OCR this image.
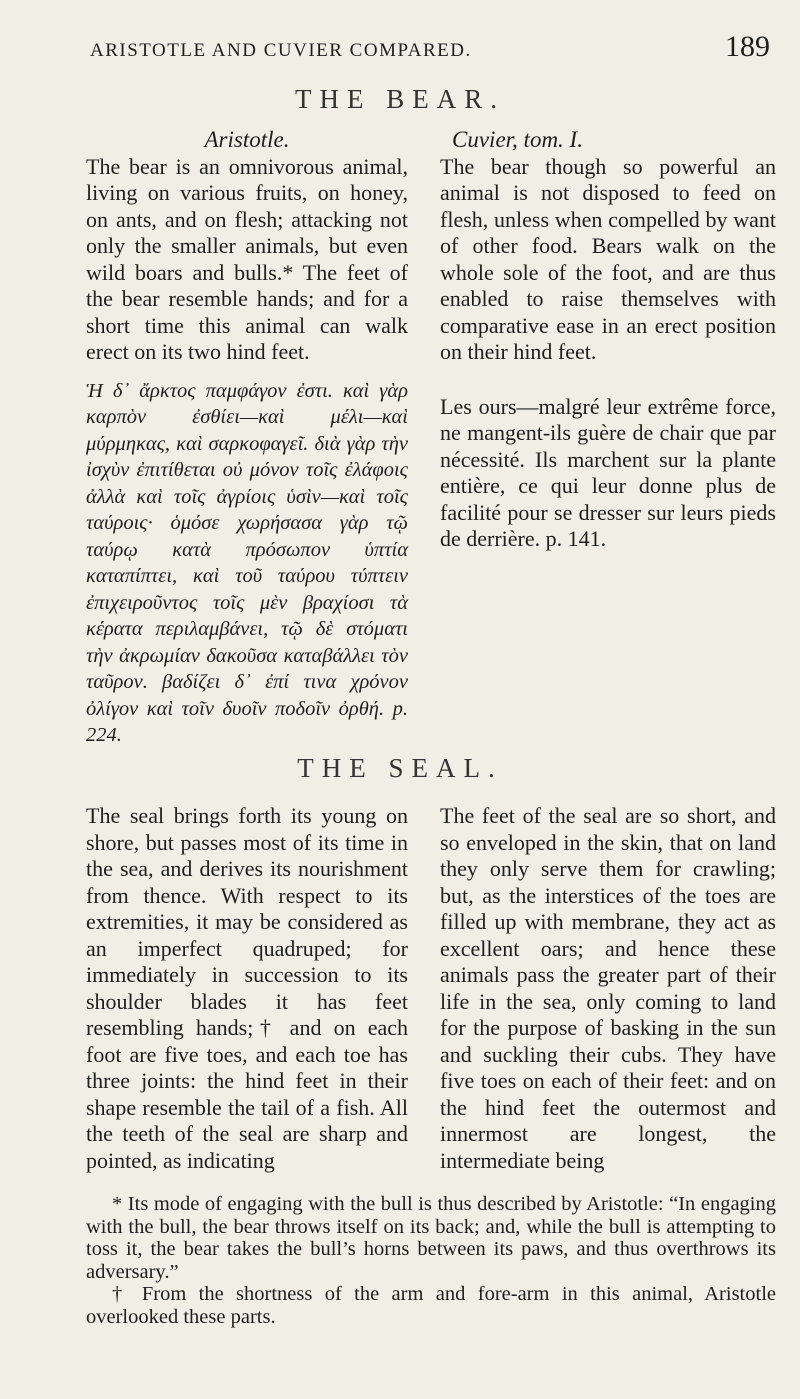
ARISTOTLE AND CUVIER COMPARED.	189
THE BEAR.

Aristotle.

The bear is an omnivorous animal, living on various fruits, on honey, on ants, and on flesh; attacking not only the smaller animals, but even wild boars and bulls.* The feet of the bear resemble hands; and for a short time this animal can walk erect on its two hind feet.

Ἡ δ᾽ ἄρκτος παμφάγον ἐστι. καὶ γὰρ καρπὸν ἐσθίει—καὶ μέλι—καὶ μύρμηκας, καὶ σαρκοφαγεῖ. διὰ γὰρ τὴν ἰσχὺν ἐπιτίθεται οὐ μόνον τοῖς ἐλάφοις ἀλλὰ καὶ τοῖς ἀγρίοις ὑσὶν—καὶ τοῖς ταύροις· ὁμόσε χωρήσασα γὰρ τῷ ταύρῳ κατὰ πρόσωπον ὑπτία καταπίπτει, καὶ τοῦ ταύρου τύπτειν ἐπιχειροῦντος τοῖς μὲν βραχίοσι τὰ κέρατα περιλαμβάνει, τῷ δὲ στόματι τὴν ἀκρωμίαν δακοῦσα καταβάλλει τὸν ταῦρον. βαδίζει δ᾽ ἐπί τινα χρόνον ὀλίγον καὶ τοῖν δυοῖν ποδοῖν ὀρθή. p. 224.

Cuvier, tom. I.

The bear though so powerful an animal is not disposed to feed on flesh, unless when compelled by want of other food. Bears walk on the whole sole of the foot, and are thus enabled to raise themselves with comparative ease in an erect position on their hind feet.

Les ours—malgré leur extrême force, ne mangent-ils guère de chair que par nécessité. Ils marchent sur la plante entière, ce qui leur donne plus de facilité pour se dresser sur leurs pieds de derrière. p. 141.

THE SEAL.

The seal brings forth its young on shore, but passes most of its time in the sea, and derives its nourishment from thence. With respect to its extremities, it may be considered as an imperfect quadruped; for immediately in succession to its shoulder blades it has feet resembling hands;† and on each foot are five toes, and each toe has three joints: the hind feet in their shape resemble the tail of a fish. All the teeth of the seal are sharp and pointed, as indicating

The feet of the seal are so short, and so enveloped in the skin, that on land they only serve them for crawling; but, as the interstices of the toes are filled up with membrane, they act as excellent oars; and hence these animals pass the greater part of their life in the sea, only coming to land for the purpose of basking in the sun and suckling their cubs. They have five toes on each of their feet: and on the hind feet the outermost and innermost are longest, the intermediate being

* Its mode of engaging with the bull is thus described by Aristotle: “In engaging with the bull, the bear throws itself on its back; and, while the bull is attempting to toss it, the bear takes the bull’s horns between its paws, and thus overthrows its adversary.”

† From the shortness of the arm and fore-arm in this animal, Aristotle overlooked these parts.
